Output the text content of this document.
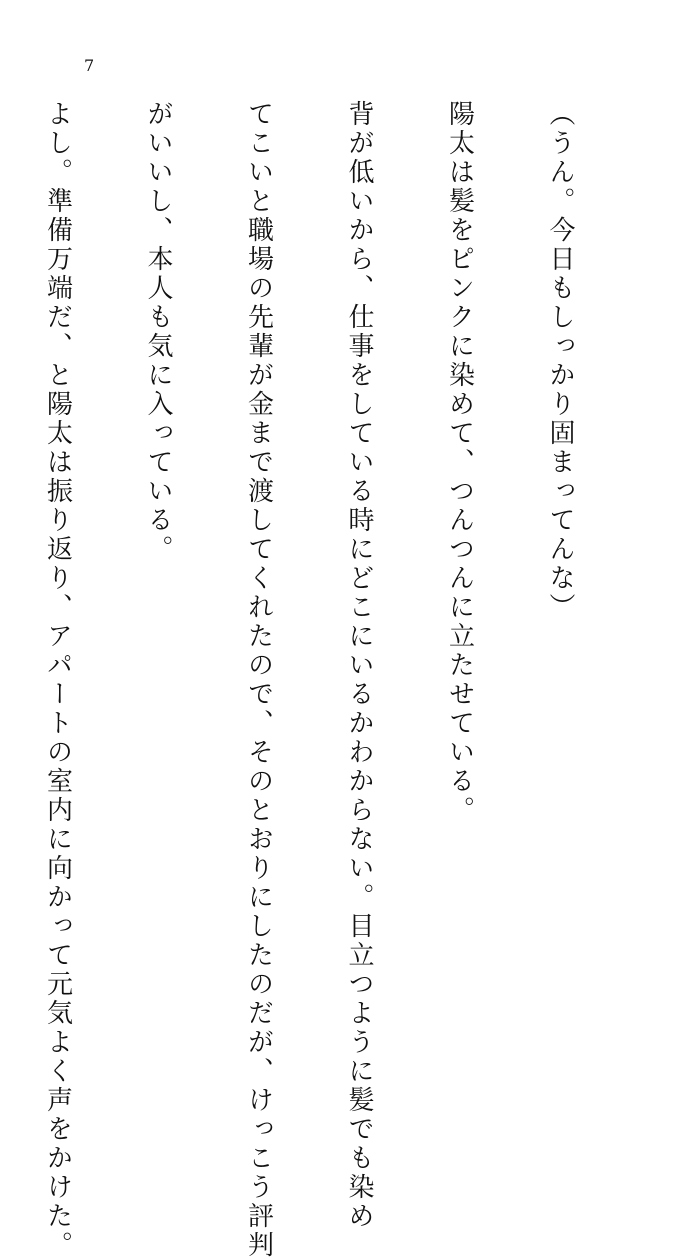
7

（うん。今日もしっかり固まってんな）

陽太は髪をピンクに染めて、つんつんに立たせている。

背が低いから、仕事をしている時にどこにいるかわからない。目立つように髪でも染め

てこいと職場の先輩が金まで渡してくれたので、そのとおりにしたのだが、けっこう評判

がいいし、本人も気に入っている。

よし。準備万端だ、と陽太は振り返り、アパートの室内に向かって元気よく声をかけた。
